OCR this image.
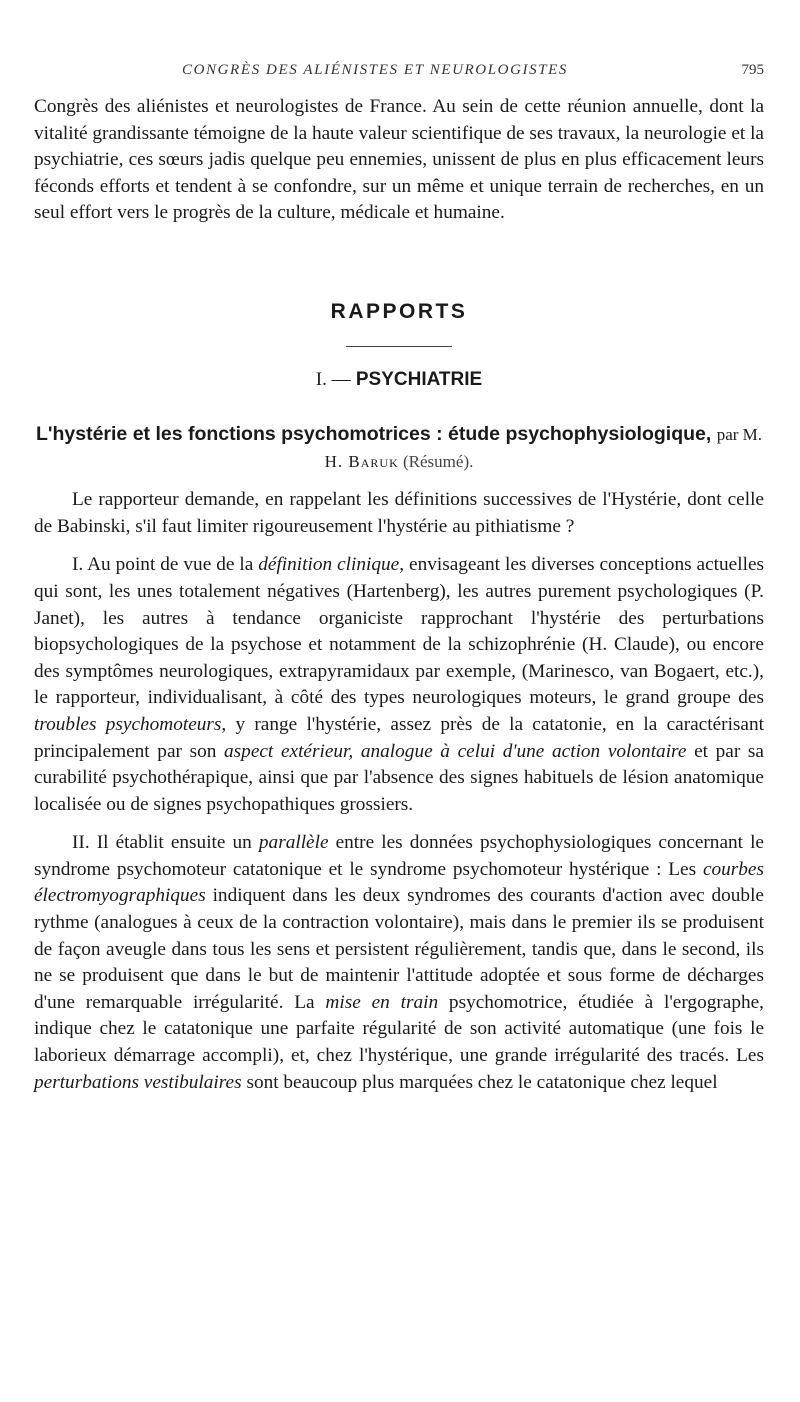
CONGRÈS DES ALIÉNISTES ET NEUROLOGISTES	795

Congrès des aliénistes et neurologistes de France. Au sein de cette réunion annuelle, dont la vitalité grandissante témoigne de la haute valeur scientifique de ses travaux, la neurologie et la psychiatrie, ces sœurs jadis quelque peu ennemies, unissent de plus en plus efficacement leurs féconds efforts et tendent à se confondre, sur un même et unique terrain de recherches, en un seul effort vers le progrès de la culture, médicale et humaine.

RAPPORTS

I. — PSYCHIATRIE

L'hystérie et les fonctions psychomotrices : étude psychophysiologique, par M. H. Baruk (Résumé).

Le rapporteur demande, en rappelant les définitions successives de l'Hystérie, dont celle de Babinski, s'il faut limiter rigoureusement l'hystérie au pithiatisme ?

I. Au point de vue de la définition clinique, envisageant les diverses conceptions actuelles qui sont, les unes totalement négatives (Hartenberg), les autres purement psychologiques (P. Janet), les autres à tendance organiciste rapprochant l'hystérie des perturbations biopsychologiques de la psychose et notamment de la schizophrénie (H. Claude), ou encore des symptômes neurologiques, extrapyramidaux par exemple, (Marinesco, van Bogaert, etc.), le rapporteur, individualisant, à côté des types neurologiques moteurs, le grand groupe des troubles psychomoteurs, y range l'hystérie, assez près de la catatonie, en la caractérisant principalement par son aspect extérieur, analogue à celui d'une action volontaire et par sa curabilité psychothérapique, ainsi que par l'absence des signes habituels de lésion anatomique localisée ou de signes psychopathiques grossiers.

II. Il établit ensuite un parallèle entre les données psychophysiologiques concernant le syndrome psychomoteur catatonique et le syndrome psychomoteur hystérique : Les courbes électromyographiques indiquent dans les deux syndromes des courants d'action avec double rythme (analogues à ceux de la contraction volontaire), mais dans le premier ils se produisent de façon aveugle dans tous les sens et persistent régulièrement, tandis que, dans le second, ils ne se produisent que dans le but de maintenir l'attitude adoptée et sous forme de décharges d'une remarquable irrégularité. La mise en train psychomotrice, étudiée à l'ergographe, indique chez le catatonique une parfaite régularité de son activité automatique (une fois le laborieux démarrage accompli), et, chez l'hystérique, une grande irrégularité des tracés. Les perturbations vestibulaires sont beaucoup plus marquées chez le catatonique chez lequel
